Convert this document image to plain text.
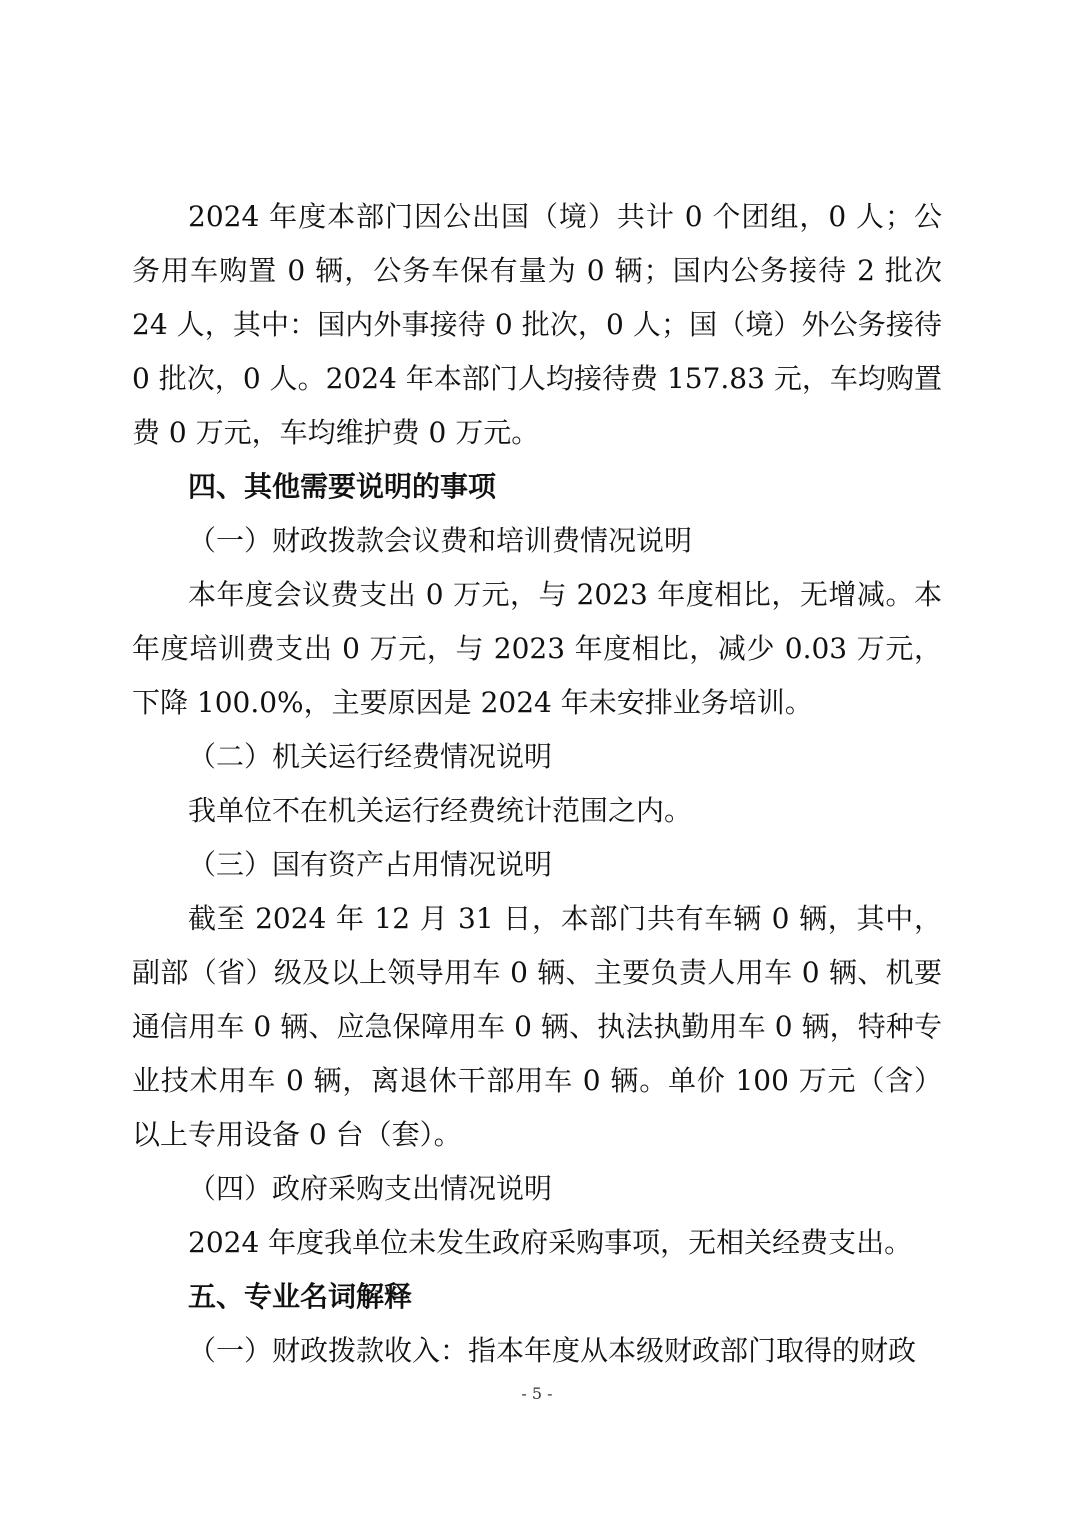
2024 年度本部门因公出国（境）共计 0 个团组，0 人；公务用车购置 0 辆，公务车保有量为 0 辆；国内公务接待 2 批次 24 人，其中：国内外事接待 0 批次，0 人；国（境）外公务接待 0 批次，0 人。2024 年本部门人均接待费 157.83 元，车均购置费 0 万元，车均维护费 0 万元。

四、其他需要说明的事项

（一）财政拨款会议费和培训费情况说明

本年度会议费支出 0 万元，与 2023 年度相比，无增减。本年度培训费支出 0 万元，与 2023 年度相比，减少 0.03 万元，下降 100.0%，主要原因是 2024 年未安排业务培训。

（二）机关运行经费情况说明

我单位不在机关运行经费统计范围之内。

（三）国有资产占用情况说明

截至 2024 年 12 月 31 日，本部门共有车辆 0 辆，其中，副部（省）级及以上领导用车 0 辆、主要负责人用车 0 辆、机要通信用车 0 辆、应急保障用车 0 辆、执法执勤用车 0 辆，特种专业技术用车 0 辆，离退休干部用车 0 辆。单价 100 万元（含）以上专用设备 0 台（套）。

（四）政府采购支出情况说明

2024 年度我单位未发生政府采购事项，无相关经费支出。

五、专业名词解释

（一）财政拨款收入：指本年度从本级财政部门取得的财政

- 5 -
